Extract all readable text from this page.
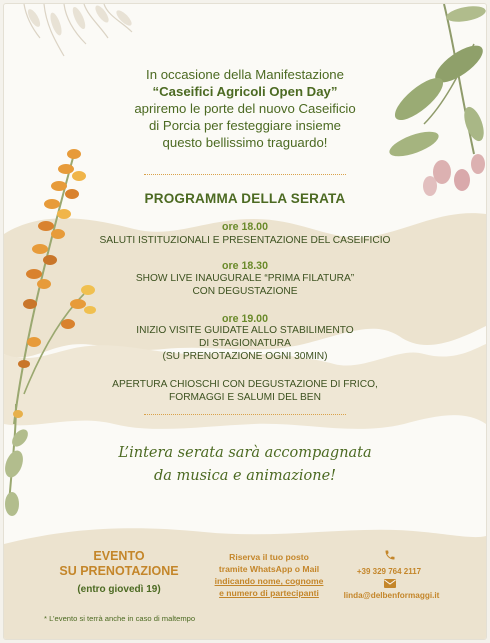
In occasione della Manifestazione
“Caseifici Agricoli Open Day”
apriremo le porte del nuovo Caseificio
di Porcia per festeggiare insieme
questo bellissimo traguardo!
PROGRAMMA DELLA SERATA
ore 18.00
SALUTI ISTITUZIONALI E PRESENTAZIONE DEL CASEIFICIO
ore 18.30
SHOW LIVE INAUGURALE “PRIMA FILATURA”
CON DEGUSTAZIONE
ore 19.00
INIZIO VISITE GUIDATE ALLO STABILIMENTO
DI STAGIONATURA
(SU PRENOTAZIONE OGNI 30MIN)
APERTURA CHIOSCHI CON DEGUSTAZIONE DI FRICO,
FORMAGGI E SALUMI DEL BEN
L’intera serata sarà accompagnata
da musica e animazione!
EVENTO
SU PRENOTAZIONE
(entro giovedì 19)
Riserva il tuo posto
tramite WhatsApp o Mail
indicando nome, cognome
e numero di partecipanti
+39 329 764 2117
linda@delbenformaggi.it
* L’evento si terrà anche in caso di maltempo
